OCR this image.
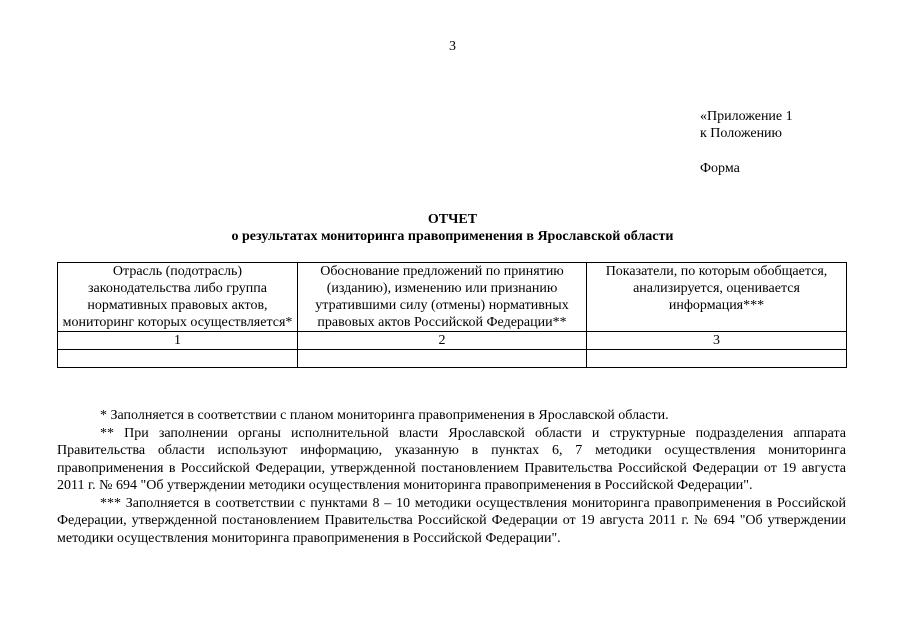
3
«Приложение 1
к Положению
Форма
ОТЧЕТ
о результатах мониторинга правоприменения в Ярославской области
Отрасль (подотрасль) законодательства либо группа нормативных правовых актов, мониторинг которых осуществляется*	Обоснование предложений по принятию (изданию), изменению или признанию утратившими силу (отмены) нормативных правовых актов Российской Федерации**	Показатели, по которым обобщается, анализируется, оценивается информация***
1	2	3

* Заполняется в соответствии с планом мониторинга правоприменения в Ярославской области.

** При заполнении органы исполнительной власти Ярославской области и структурные подразделения аппарата Правительства области используют информацию, указанную в пунктах 6, 7 методики осуществления мониторинга правоприменения в Российской Федерации, утвержденной постановлением Правительства Российской Федерации от 19 августа 2011 г. № 694 "Об утверждении методики осуществления мониторинга правоприменения в Российской Федерации".

*** Заполняется в соответствии с пунктами 8 – 10 методики осуществления мониторинга правоприменения в Российской Федерации, утвержденной постановлением Правительства Российской Федерации от 19 августа 2011 г. № 694 "Об утверждении методики осуществления мониторинга правоприменения в Российской Федерации".
